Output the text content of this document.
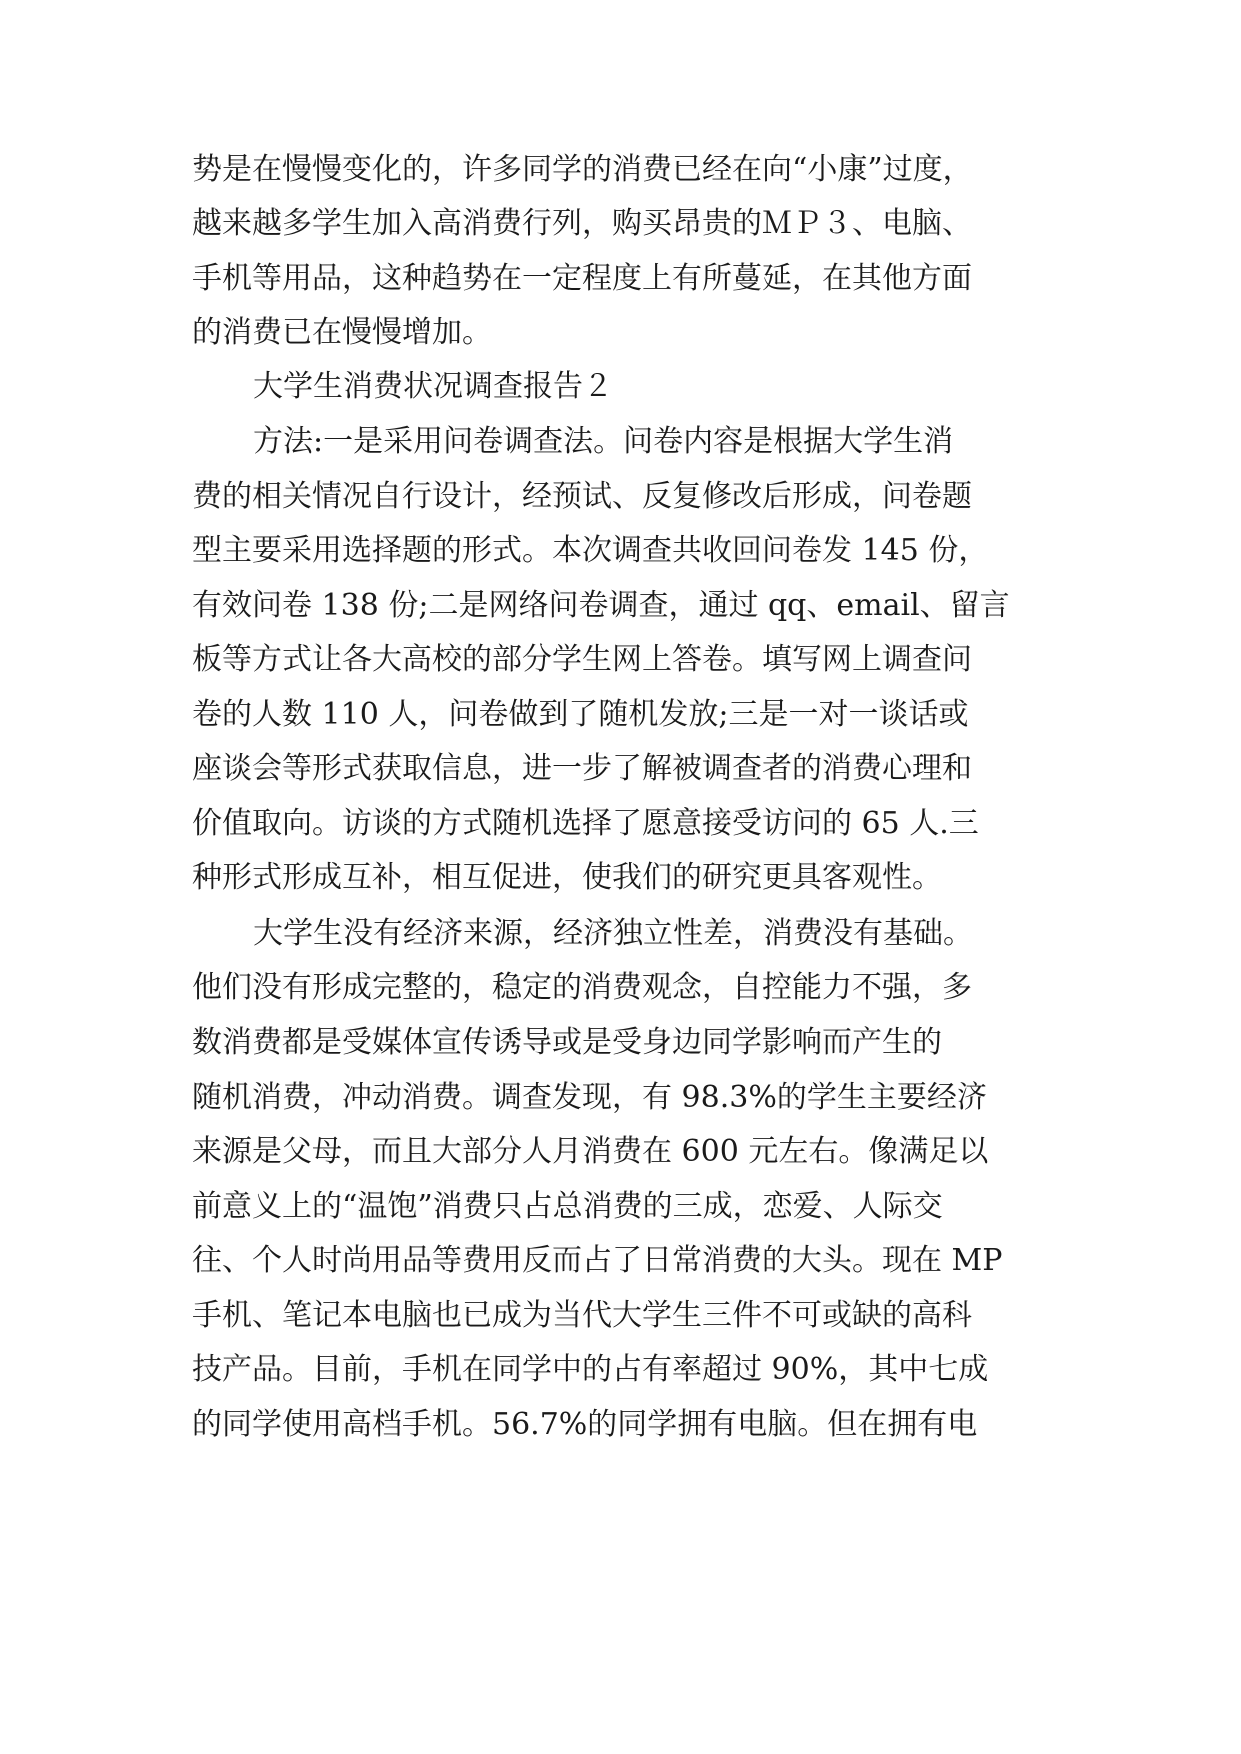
势是在慢慢变化的，许多同学的消费已经在向“小康”过度，
越来越多学生加入高消费行列，购买昂贵的ＭＰ３、电脑、
手机等用品，这种趋势在一定程度上有所蔓延，在其他方面
的消费已在慢慢增加。
大学生消费状况调查报告２
方法:一是采用问卷调查法。问卷内容是根据大学生消
费的相关情况自行设计，经预试、反复修改后形成，问卷题
型主要采用选择题的形式。本次调查共收回问卷发 145 份，
有效问卷 138 份;二是网络问卷调查，通过 qq、email、留言
板等方式让各大高校的部分学生网上答卷。填写网上调查问
卷的人数 110 人，问卷做到了随机发放;三是一对一谈话或
座谈会等形式获取信息，进一步了解被调查者的消费心理和
价值取向。访谈的方式随机选择了愿意接受访问的 65 人.三
种形式形成互补，相互促进，使我们的研究更具客观性。
大学生没有经济来源，经济独立性差，消费没有基础。
他们没有形成完整的，稳定的消费观念，自控能力不强，多
数消费都是受媒体宣传诱导或是受身边同学影响而产生的
随机消费，冲动消费。调查发现，有 98.3%的学生主要经济
来源是父母，而且大部分人月消费在 600 元左右。像满足以
前意义上的“温饱”消费只占总消费的三成，恋爱、人际交
往、个人时尚用品等费用反而占了日常消费的大头。现在 MP
手机、笔记本电脑也已成为当代大学生三件不可或缺的高科
技产品。目前，手机在同学中的占有率超过 90%，其中七成
的同学使用高档手机。56.7%的同学拥有电脑。但在拥有电
